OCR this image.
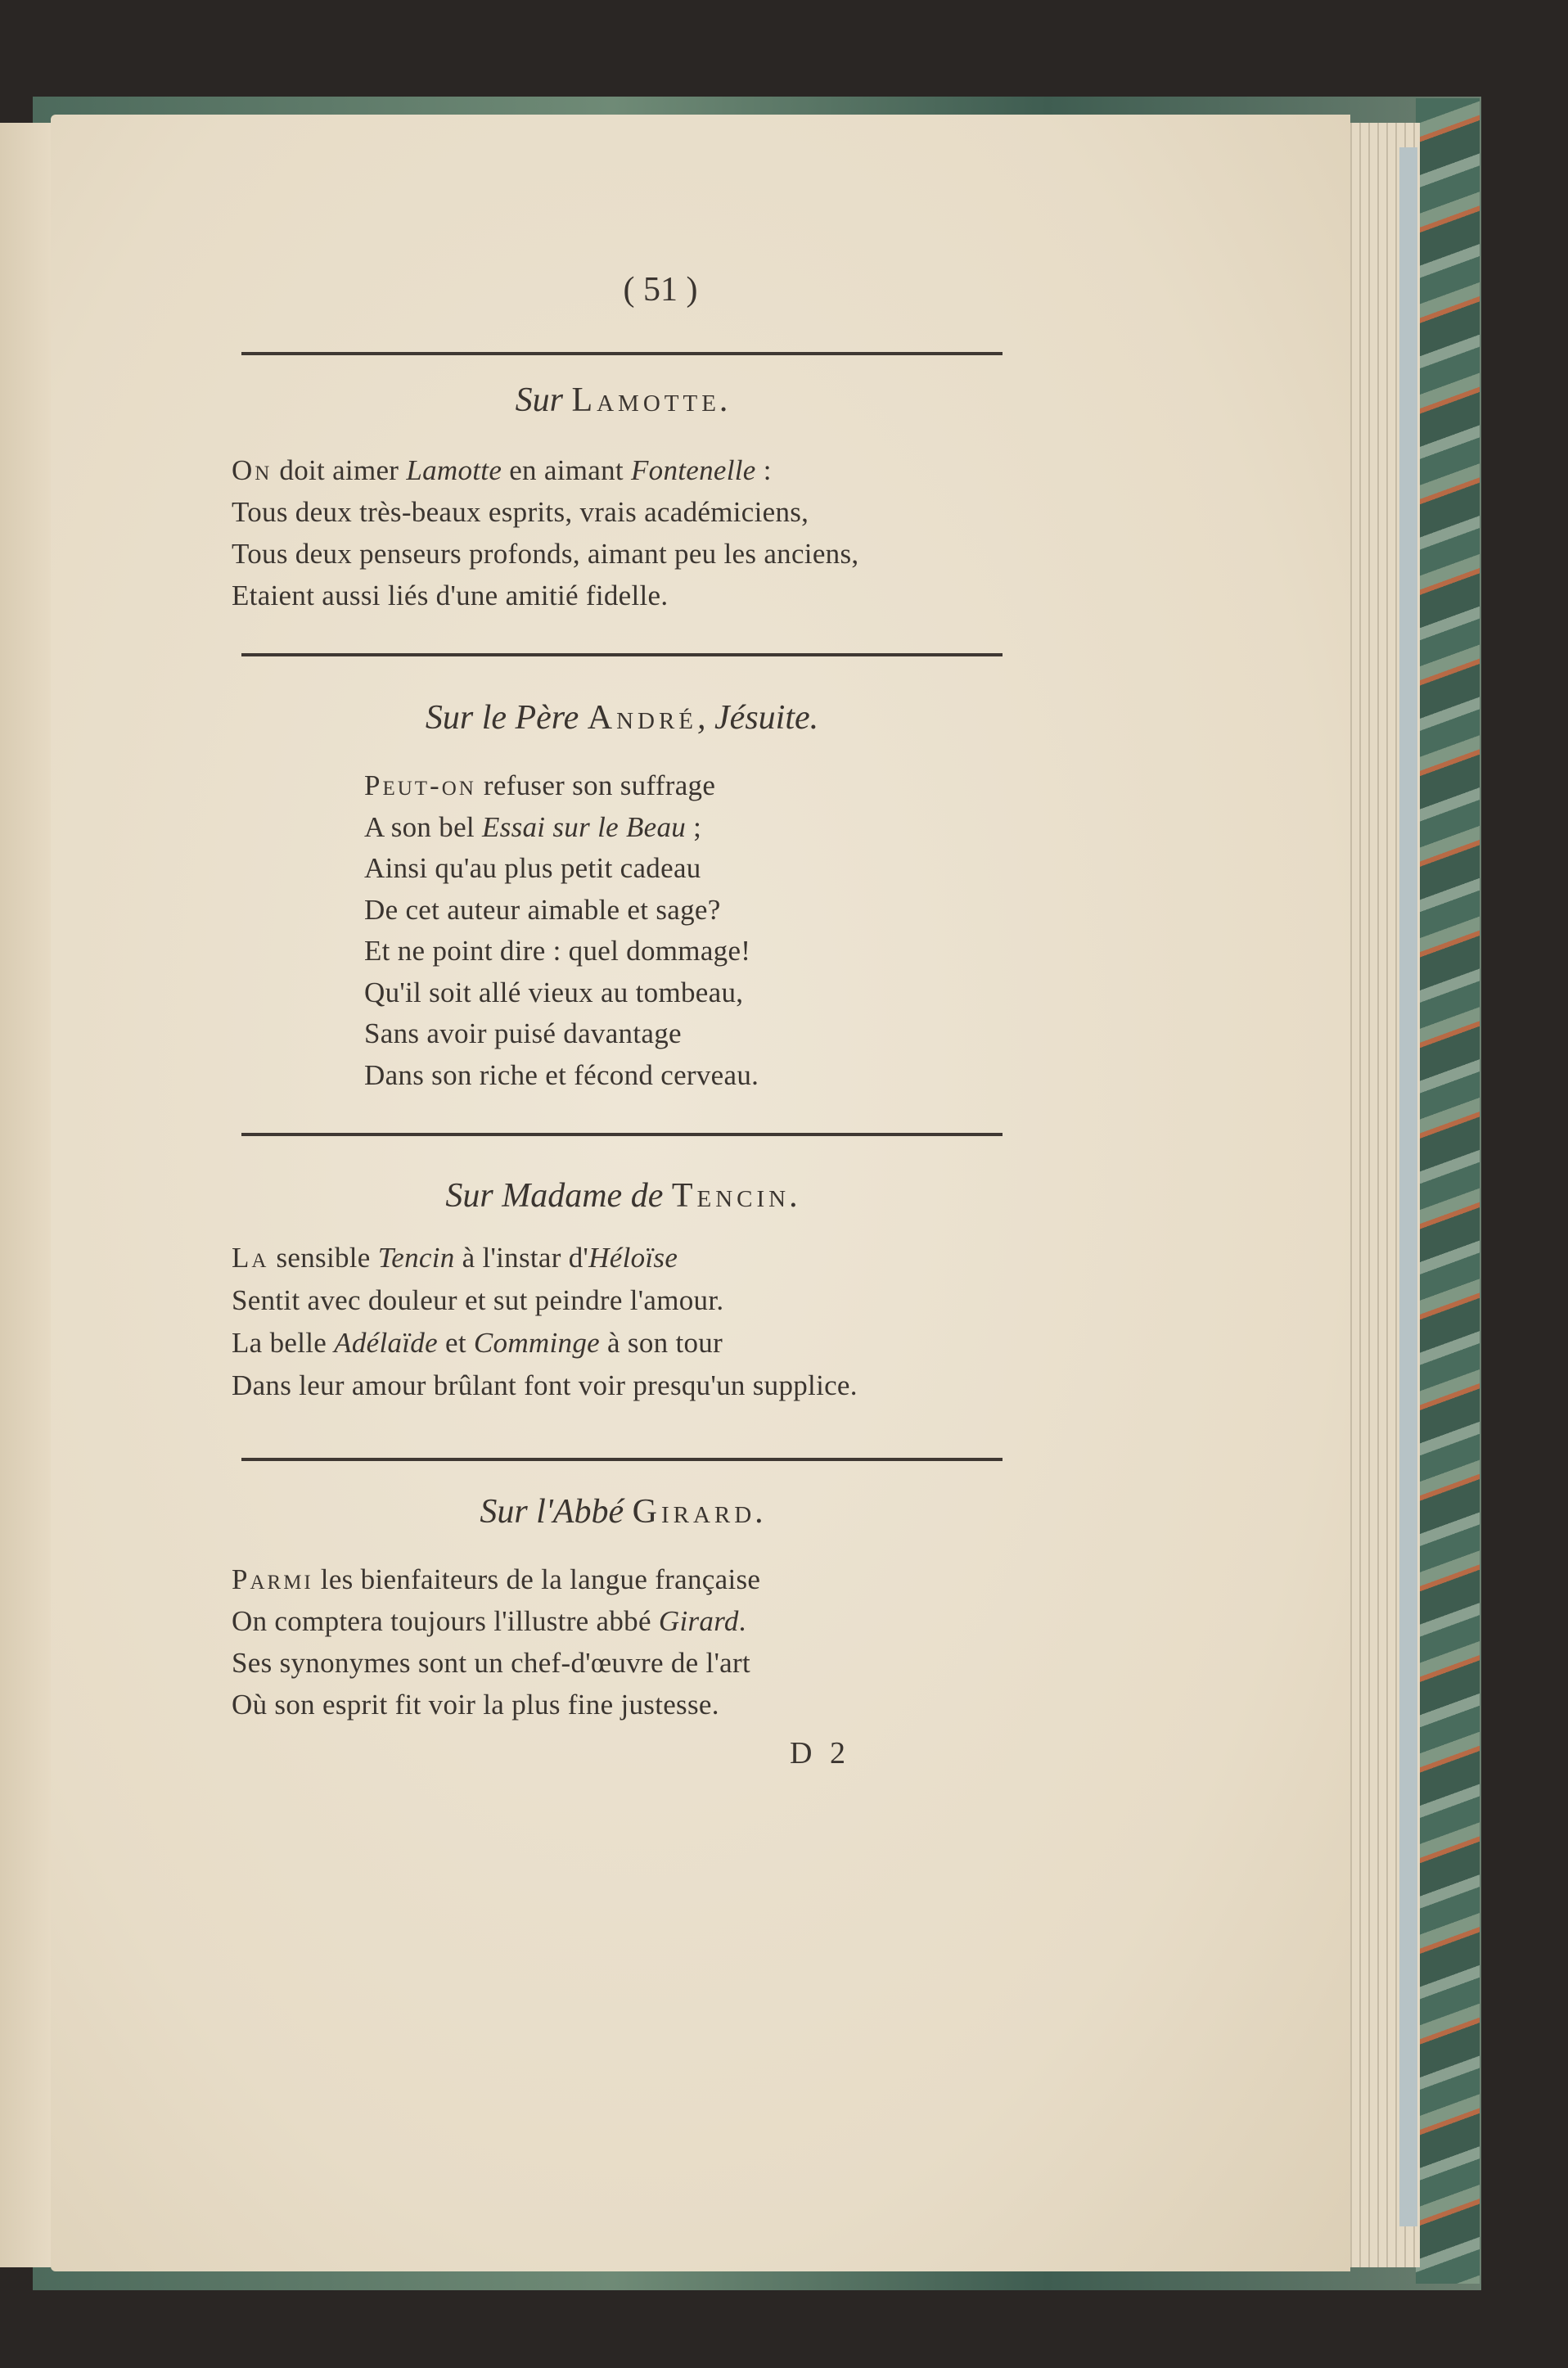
( 51 )
Sur Lamotte.
On doit aimer Lamotte en aimant Fontenelle :
Tous deux très-beaux esprits, vrais académiciens,
Tous deux penseurs profonds, aimant peu les anciens,
Etaient aussi liés d'une amitié fidelle.
Sur le Père André, Jésuite.
Peut-on refuser son suffrage
A son bel Essai sur le Beau ;
Ainsi qu'au plus petit cadeau
De cet auteur aimable et sage?
Et ne point dire : quel dommage!
Qu'il soit allé vieux au tombeau,
Sans avoir puisé davantage
Dans son riche et fécond cerveau.
Sur Madame de Tencin.
La sensible Tencin à l'instar d'Héloïse
Sentit avec douleur et sut peindre l'amour.
La belle Adélaïde et Comminge à son tour
Dans leur amour brûlant font voir presqu'un supplice.
Sur l'Abbé Girard.
Parmi les bienfaiteurs de la langue française
On comptera toujours l'illustre abbé Girard.
Ses synonymes sont un chef-d'œuvre de l'art
Où son esprit fit voir la plus fine justesse.
D 2
